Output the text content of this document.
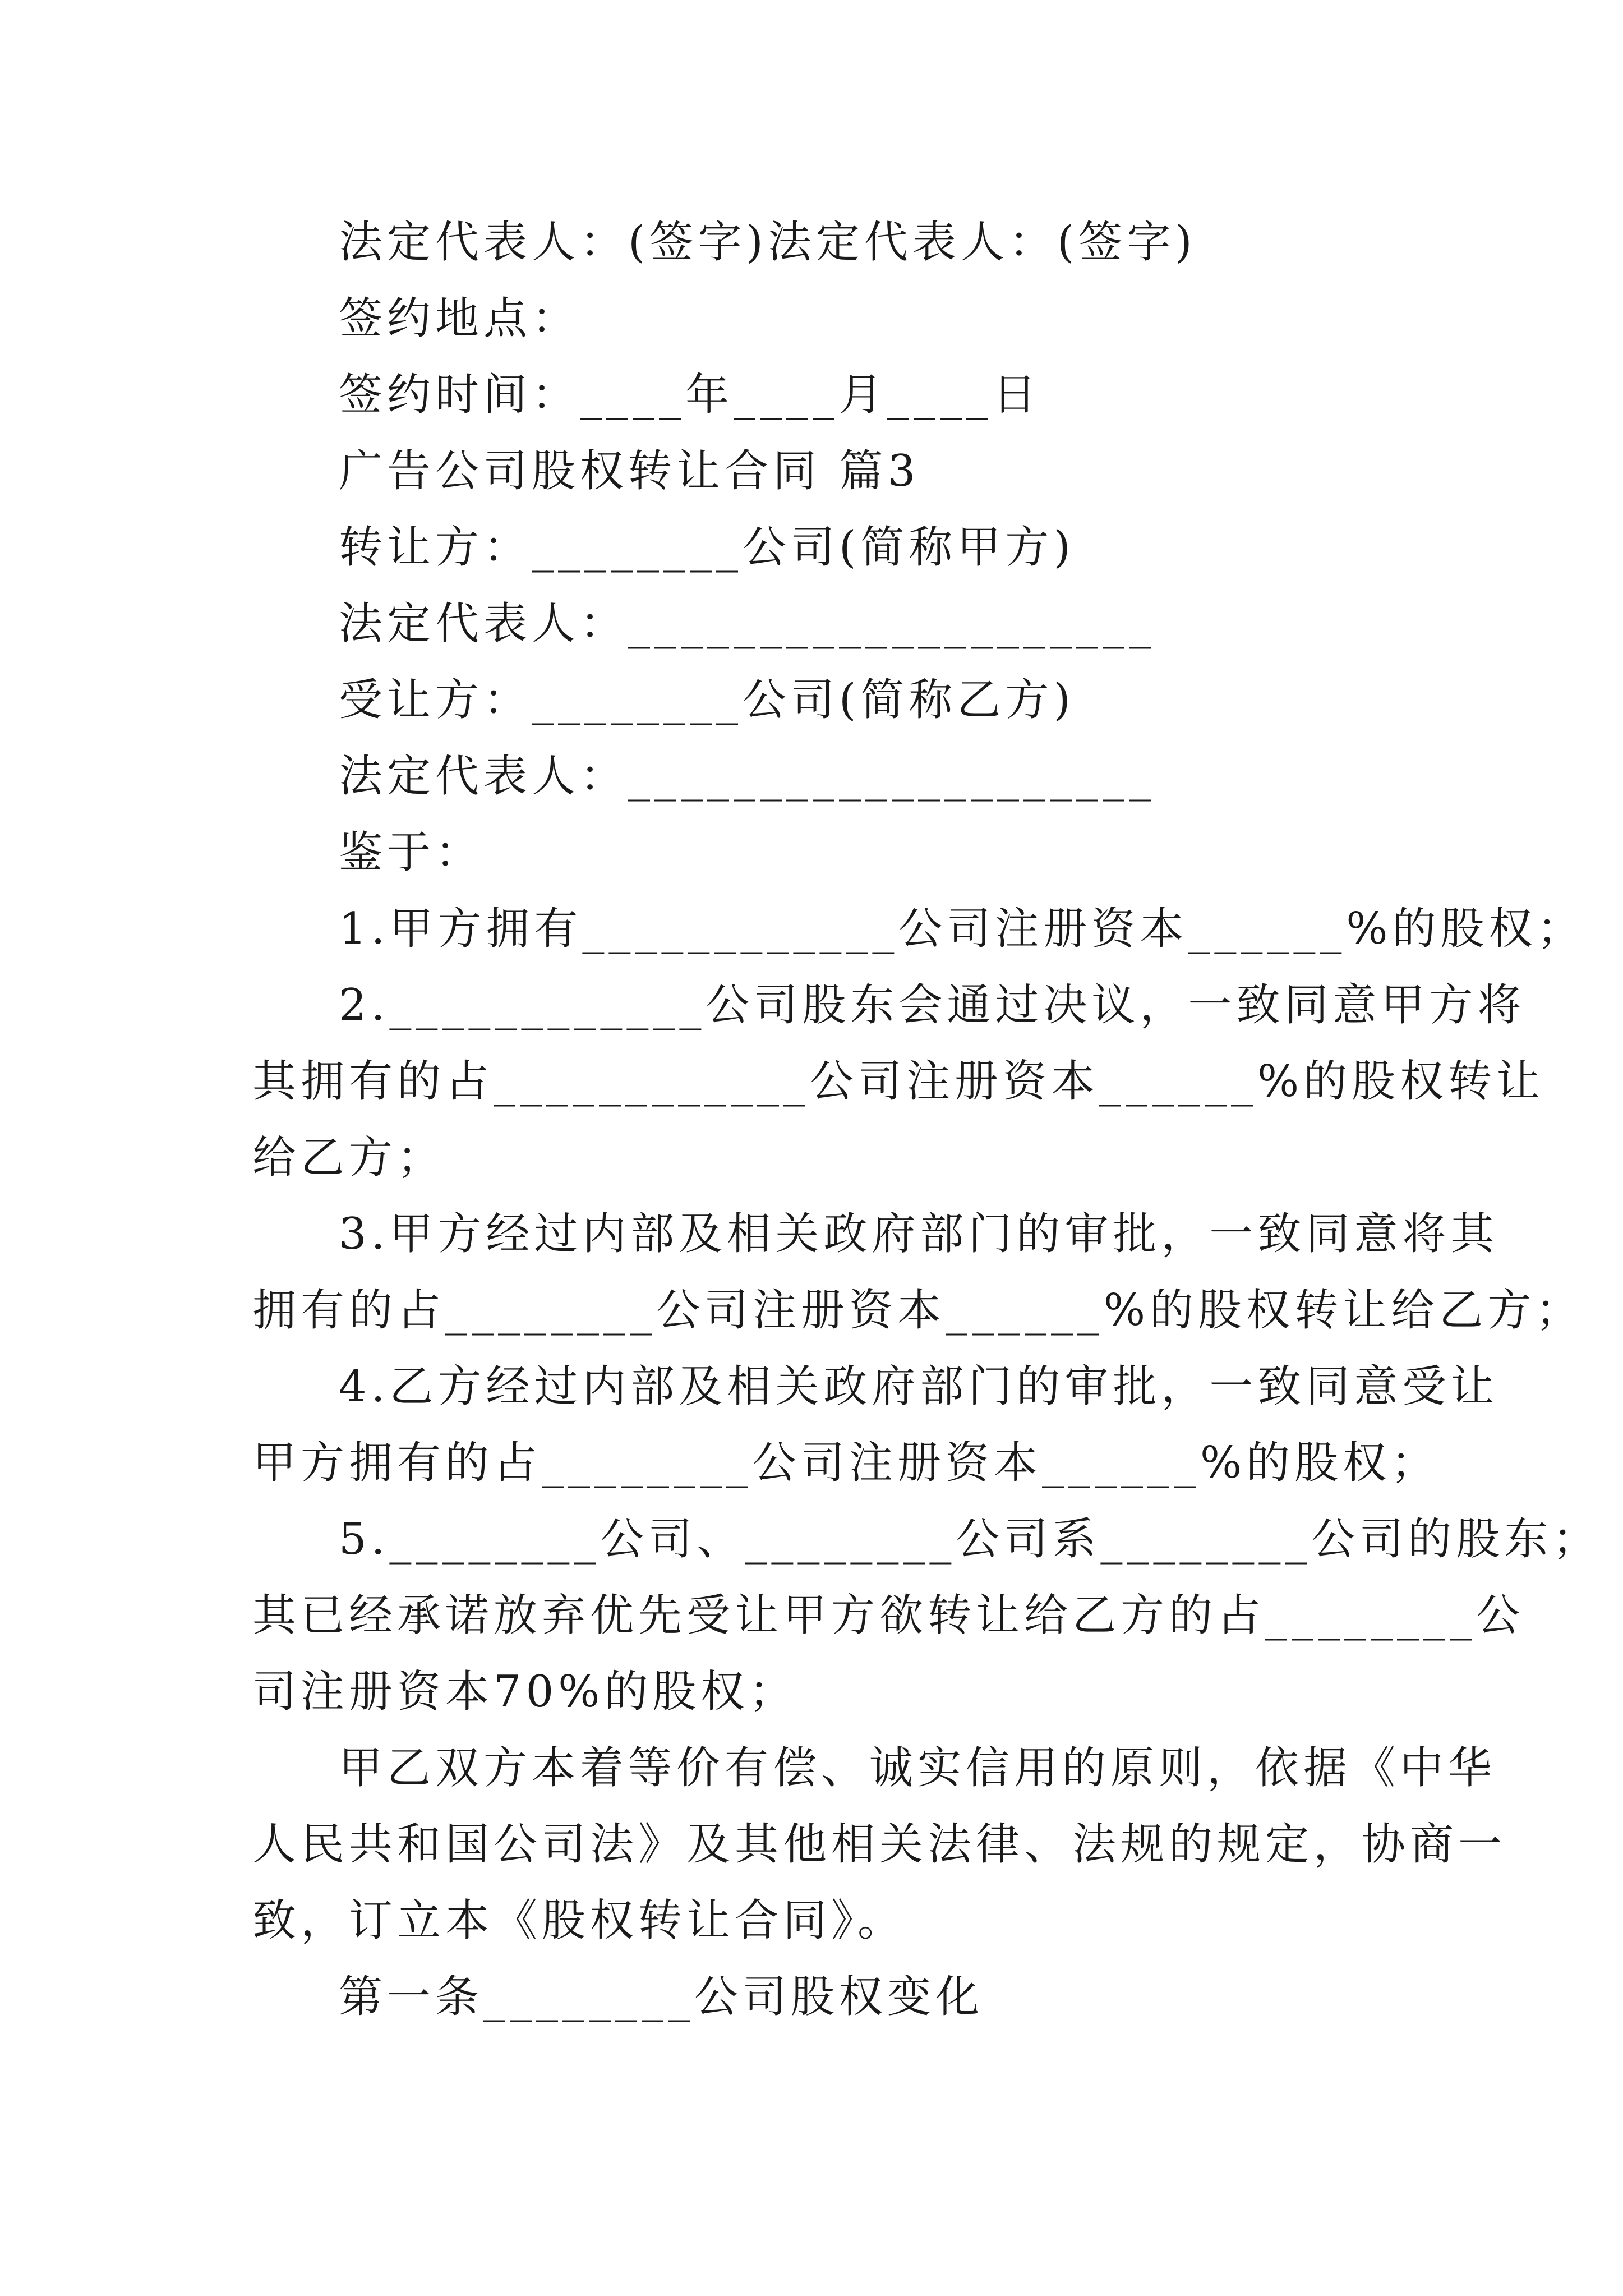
法定代表人：(签字)法定代表人：(签字)
签约地点：
签约时间：____年____月____日
广告公司股权转让合同 篇3
转让方：________公司(简称甲方)
法定代表人：____________________
受让方：________公司(简称乙方)
法定代表人：____________________
鉴于：
1.甲方拥有____________公司注册资本______%的股权；
2.____________公司股东会通过决议，一致同意甲方将
其拥有的占____________公司注册资本______%的股权转让
给乙方；
3.甲方经过内部及相关政府部门的审批，一致同意将其
拥有的占________公司注册资本______%的股权转让给乙方；
4.乙方经过内部及相关政府部门的审批，一致同意受让
甲方拥有的占________公司注册资本______%的股权；
5.________公司、________公司系________公司的股东；
其已经承诺放弃优先受让甲方欲转让给乙方的占________公
司注册资本70%的股权；
甲乙双方本着等价有偿、诚实信用的原则，依据《中华
人民共和国公司法》及其他相关法律、法规的规定，协商一
致，订立本《股权转让合同》。
第一条________公司股权变化
